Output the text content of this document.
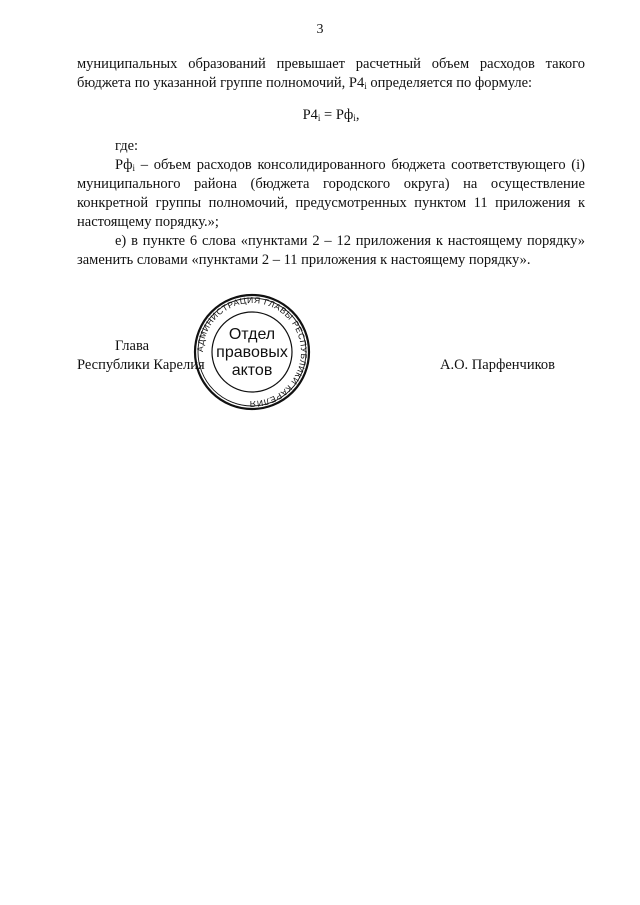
3

муниципальных образований превышает расчетный объем расходов такого бюджета по указанной группе полномочий, $Р4_i$ определяется по формуле:

$Р4_i = Рф_i$,

где:

$Рф_i$ – объем расходов консолидированного бюджета соответствующего (i) муниципального района (бюджета городского округа) на осуществление конкретной группы полномочий, предусмотренных пунктом 11 приложения к настоящему порядку.»;

е) в пункте 6 слова «пунктами 2 – 12 приложения к настоящему порядку» заменить словами «пунктами 2 – 11 приложения к настоящему порядку».

Глава
Республики Карелия	А.О. Парфенчиков
АДМИНИСТРАЦИЯ ГЛАВЫ РЕСПУБЛИКИ КАРЕЛИЯ
Отдел
правовых
актов
